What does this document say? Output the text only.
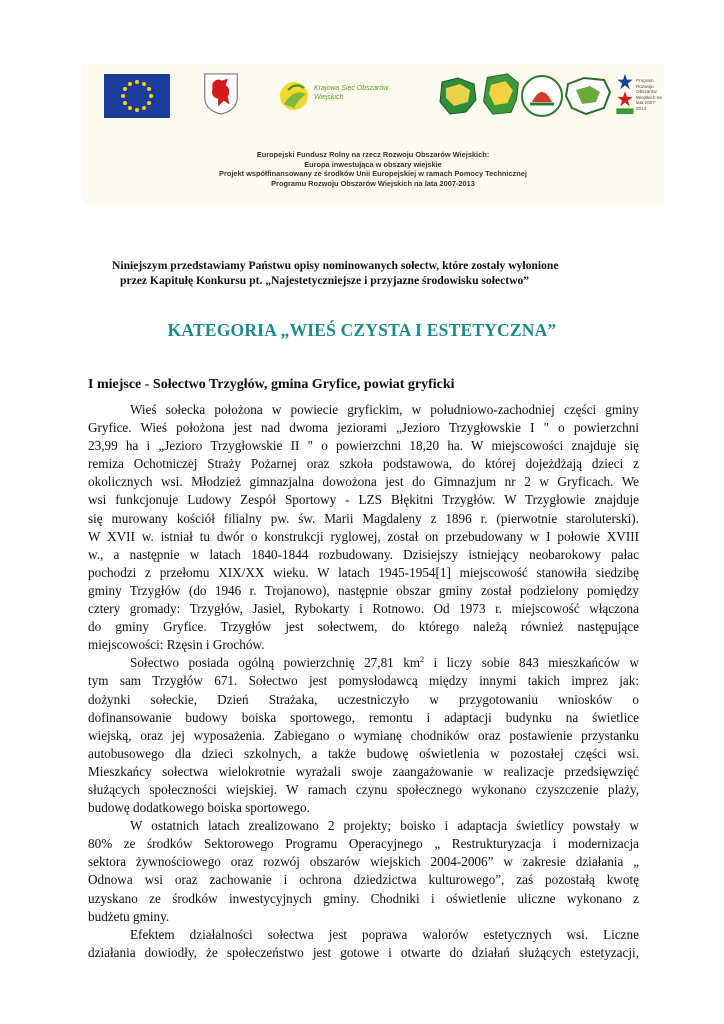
Krajowa Sieć Obszarów Wiejskich
Program Rozwoju Obszarów Wiejskich na lata 2007-2013
Europejski Fundusz Rolny na rzecz Rozwoju Obszarów Wiejskich:
Europa inwestująca w obszary wiejskie
Projekt współfinansowany ze środków Unii Europejskiej w ramach Pomocy Technicznej
Programu Rozwoju Obszarów Wiejskich na lata 2007-2013
Niniejszym przedstawiamy Państwu opisy nominowanych sołectw, które zostały wyłonione
przez Kapitułę Konkursu pt. „Najestetyczniejsze i przyjazne środowisku sołectwo”
KATEGORIA „WIEŚ CZYSTA I ESTETYCZNA”
I miejsce - Sołectwo Trzygłów, gmina Gryfice, powiat gryficki
Wieś sołecka położona w powiecie gryfickim, w południowo-zachodniej części gminy
Gryfice. Wieś położona jest nad dwoma jeziorami „Jezioro Trzygłowskie I " o powierzchni
23,99 ha i „Jezioro Trzygłowskie II " o powierzchni 18,20 ha. W miejscowości znajduje się
remiza Ochotniczej Straży Pożarnej oraz szkoła podstawowa, do której dojeżdżają dzieci z
okolicznych wsi. Młodzież gimnazjalna dowożona jest do Gimnazjum nr 2 w Gryficach. We
wsi funkcjonuje Ludowy Zespół Sportowy - LZS Błękitni Trzygłów. W Trzygłowie znajduje
się murowany kościół filialny pw. św. Marii Magdaleny z 1896 r. (pierwotnie staroluterski).
W XVII w. istniał tu dwór o konstrukcji ryglowej, został on przebudowany w I połowie XVIII
w., a następnie w latach 1840-1844 rozbudowany. Dzisiejszy istniejący neobarokowy pałac
pochodzi z przełomu XIX/XX wieku. W latach 1945-1954[1] miejscowość stanowiła siedzibę
gminy Trzygłów (do 1946 r. Trojanowo), następnie obszar gminy został podzielony pomiędzy
cztery gromady: Trzygłów, Jasiel, Rybokarty i Rotnowo. Od 1973 r. miejscowość włączona
do gminy Gryfice. Trzygłów jest sołectwem, do którego należą również następujące
miejscowości: Rzęsin i Grochów.
Sołectwo posiada ogólną powierzchnię 27,81 $km^2$ i liczy sobie 843 mieszkańców w
tym sam Trzygłów 671. Sołectwo jest pomysłodawcą między innymi takich imprez jak:
dożynki sołeckie, Dzień Strażaka, uczestniczyło w przygotowaniu wniosków o
dofinansowanie budowy boiska sportowego, remontu i adaptacji budynku na świetlice
wiejską, oraz jej wyposażenia. Zabiegano o wymianę chodników oraz postawienie przystanku
autobusowego dla dzieci szkolnych, a także budowę oświetlenia w pozostałej części wsi.
Mieszkańcy sołectwa wielokrotnie wyrażali swoje zaangażowanie w realizacje przedsięwzięć
służących społeczności wiejskiej. W ramach czynu społecznego wykonano czyszczenie plaży,
budowę dodatkowego boiska sportowego.
W ostatnich latach zrealizowano 2 projekty; boisko i adaptacja świetlicy powstały w
80% ze środków Sektorowego Programu Operacyjnego „ Restrukturyzacja i modernizacja
sektora żywnościowego oraz rozwój obszarów wiejskich 2004-2006” w zakresie działania „
Odnowa wsi oraz zachowanie i ochrona dziedzictwa kulturowego”, zaś pozostałą kwotę
uzyskano ze środków inwestycyjnych gminy. Chodniki i oświetlenie uliczne wykonano z
budżetu gminy.
Efektem działalności sołectwa jest poprawa walorów estetycznych wsi. Liczne
działania dowiodły, że społeczeństwo jest gotowe i otwarte do działań służących estetyzacji,
